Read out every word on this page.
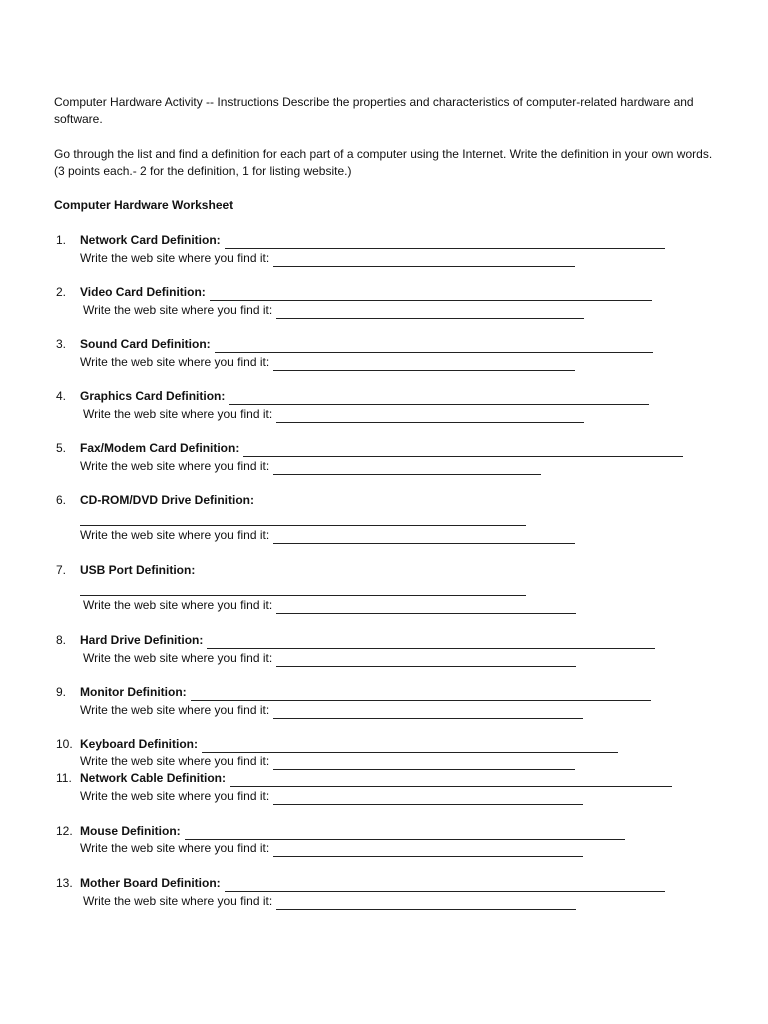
Computer Hardware Activity -- Instructions Describe the properties and characteristics of computer-related hardware and software.

Go through the list and find a definition for each part of a computer using the Internet. Write the definition in your own words. (3 points each.- 2 for the definition, 1 for listing website.)

Computer Hardware Worksheet

1.	Network Card Definition:
Write the web site where you find it:
2.	Video Card Definition:
Write the web site where you find it:
3.	Sound Card Definition:
Write the web site where you find it:
4.	Graphics Card Definition:
Write the web site where you find it:
5.	Fax/Modem Card Definition:
Write the web site where you find it:
6.	CD-ROM/DVD Drive Definition:
Write the web site where you find it:
7.	USB Port Definition:
Write the web site where you find it:
8.	Hard Drive Definition:
Write the web site where you find it:
9.	Monitor Definition:
Write the web site where you find it:
10. Keyboard Definition:
Write the web site where you find it:
11. Network Cable Definition:
Write the web site where you find it:
12. Mouse Definition:
Write the web site where you find it:
13. Mother Board Definition:
Write the web site where you find it:
